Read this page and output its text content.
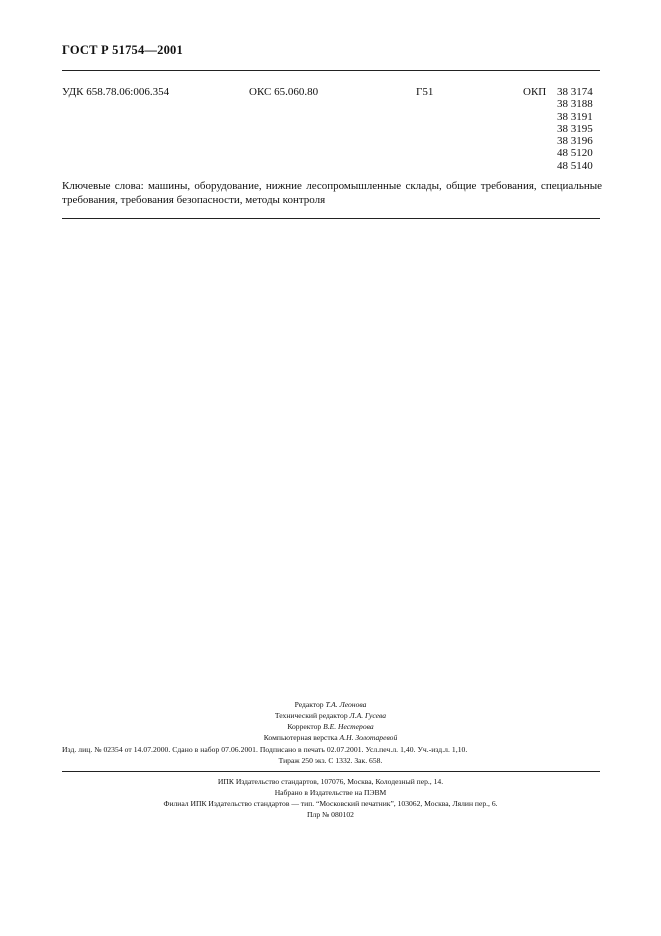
ГОСТ Р 51754—2001
УДК 658.78.06:006.354	ОКС 65.060.80	Г51	ОКП 38 3174
38 3188
38 3191
38 3195
38 3196
48 5120
48 5140
Ключевые слова: машины, оборудование, нижние лесопромышленные склады, общие требования, специальные требования, требования безопасности, методы контроля
Редактор Т.А. Леонова
Технический редактор Л.А. Гусева
Корректор В.Е. Нестерова
Компьютерная верстка А.Н. Золотаревой
Изд. лиц. № 02354 от 14.07.2000. Сдано в набор 07.06.2001. Подписано в печать 02.07.2001. Усл.печ.л. 1,40. Уч.-изд.л. 1,10.
Тираж 250 экз. С 1332. Зак. 658.
ИПК Издательство стандартов, 107076, Москва, Колодезный пер., 14.
Набрано в Издательстве на ПЭВМ
Филиал ИПК Издательство стандартов — тип. “Московский печатник”, 103062, Москва, Лялин пер., 6.
Плр № 080102
